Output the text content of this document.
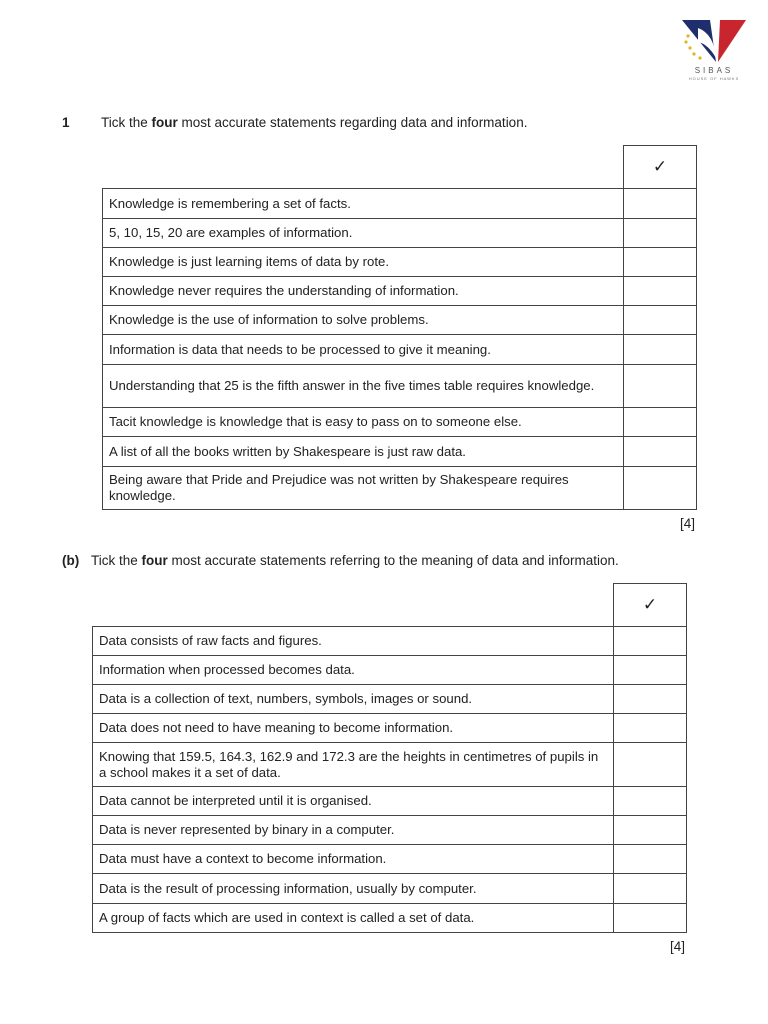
SIBAS
HOUSE OF HAWKS
1 Tick the four most accurate statements regarding data and information.
	✓
Knowledge is remembering a set of facts.	
5, 10, 15, 20 are examples of information.	
Knowledge is just learning items of data by rote.	
Knowledge never requires the understanding of information.	
Knowledge is the use of information to solve problems.	
Information is data that needs to be processed to give it meaning.	
Understanding that 25 is the fifth answer in the five times table requires knowledge.	
Tacit knowledge is knowledge that is easy to pass on to someone else.	
A list of all the books written by Shakespeare is just raw data.	
Being aware that Pride and Prejudice was not written by Shakespeare requires knowledge.	
[4]
(b) Tick the four most accurate statements referring to the meaning of data and information.
	✓
Data consists of raw facts and figures.	
Information when processed becomes data.	
Data is a collection of text, numbers, symbols, images or sound.	
Data does not need to have meaning to become information.	
Knowing that 159.5, 164.3, 162.9 and 172.3 are the heights in centimetres of pupils in a school makes it a set of data.	
Data cannot be interpreted until it is organised.	
Data is never represented by binary in a computer.	
Data must have a context to become information.	
Data is the result of processing information, usually by computer.	
A group of facts which are used in context is called a set of data.	
[4]
